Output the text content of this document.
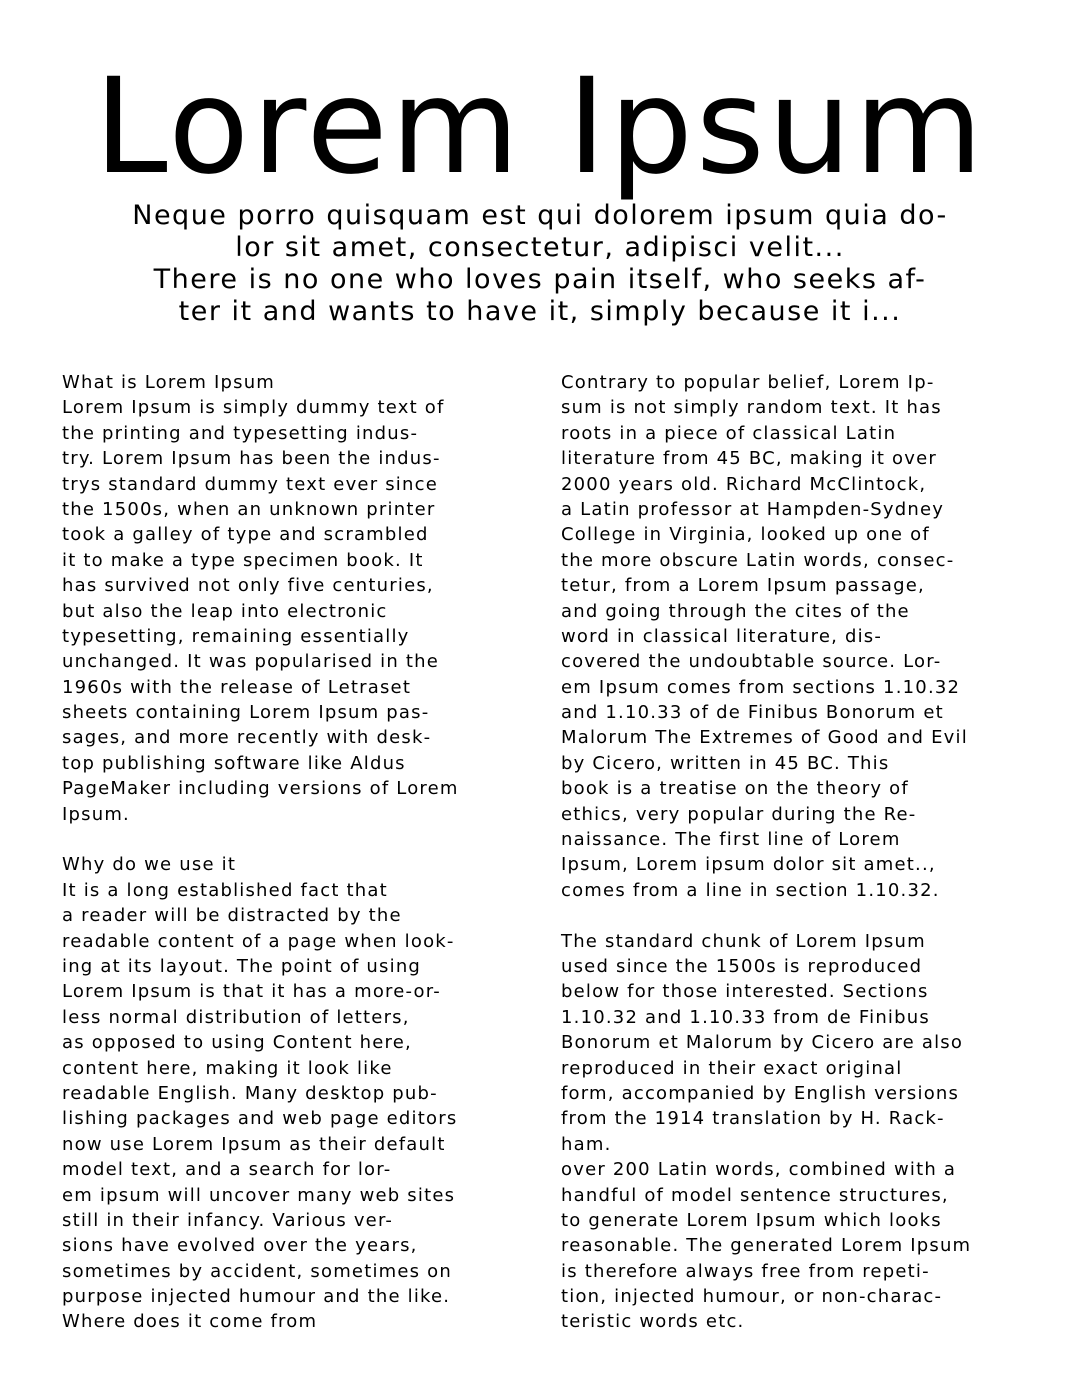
Lorem Ipsum
Neque porro quisquam est qui dolorem ipsum quia do-
lor sit amet, consectetur, adipisci velit...
There is no one who loves pain itself, who seeks af-
ter it and wants to have it, simply because it i...
What is Lorem Ipsum
Lorem Ipsum is simply dummy text of
the printing and typesetting indus-
try. Lorem Ipsum has been the indus-
trys standard dummy text ever since
the 1500s, when an unknown printer
took a galley of type and scrambled
it to make a type specimen book. It
has survived not only five centuries,
but also the leap into electronic
typesetting, remaining essentially
unchanged. It was popularised in the
1960s with the release of Letraset
sheets containing Lorem Ipsum pas-
sages, and more recently with desk-
top publishing software like Aldus
PageMaker including versions of Lorem
Ipsum.
Why do we use it
It is a long established fact that
a reader will be distracted by the
readable content of a page when look-
ing at its layout. The point of using
Lorem Ipsum is that it has a more-or-
less normal distribution of letters,
as opposed to using Content here,
content here, making it look like
readable English. Many desktop pub-
lishing packages and web page editors
now use Lorem Ipsum as their default
model text, and a search for lor-
em ipsum will uncover many web sites
still in their infancy. Various ver-
sions have evolved over the years,
sometimes by accident, sometimes on
purpose injected humour and the like.
Where does it come from
Contrary to popular belief, Lorem Ip-
sum is not simply random text. It has
roots in a piece of classical Latin
literature from 45 BC, making it over
2000 years old. Richard McClintock,
a Latin professor at Hampden-Sydney
College in Virginia, looked up one of
the more obscure Latin words, consec-
tetur, from a Lorem Ipsum passage,
and going through the cites of the
word in classical literature, dis-
covered the undoubtable source. Lor-
em Ipsum comes from sections 1.10.32
and 1.10.33 of de Finibus Bonorum et
Malorum The Extremes of Good and Evil
by Cicero, written in 45 BC. This
book is a treatise on the theory of
ethics, very popular during the Re-
naissance. The first line of Lorem
Ipsum, Lorem ipsum dolor sit amet..,
comes from a line in section 1.10.32.
The standard chunk of Lorem Ipsum
used since the 1500s is reproduced
below for those interested. Sections
1.10.32 and 1.10.33 from de Finibus
Bonorum et Malorum by Cicero are also
reproduced in their exact original
form, accompanied by English versions
from the 1914 translation by H. Rack-
ham.
over 200 Latin words, combined with a
handful of model sentence structures,
to generate Lorem Ipsum which looks
reasonable. The generated Lorem Ipsum
is therefore always free from repeti-
tion, injected humour, or non-charac-
teristic words etc.
